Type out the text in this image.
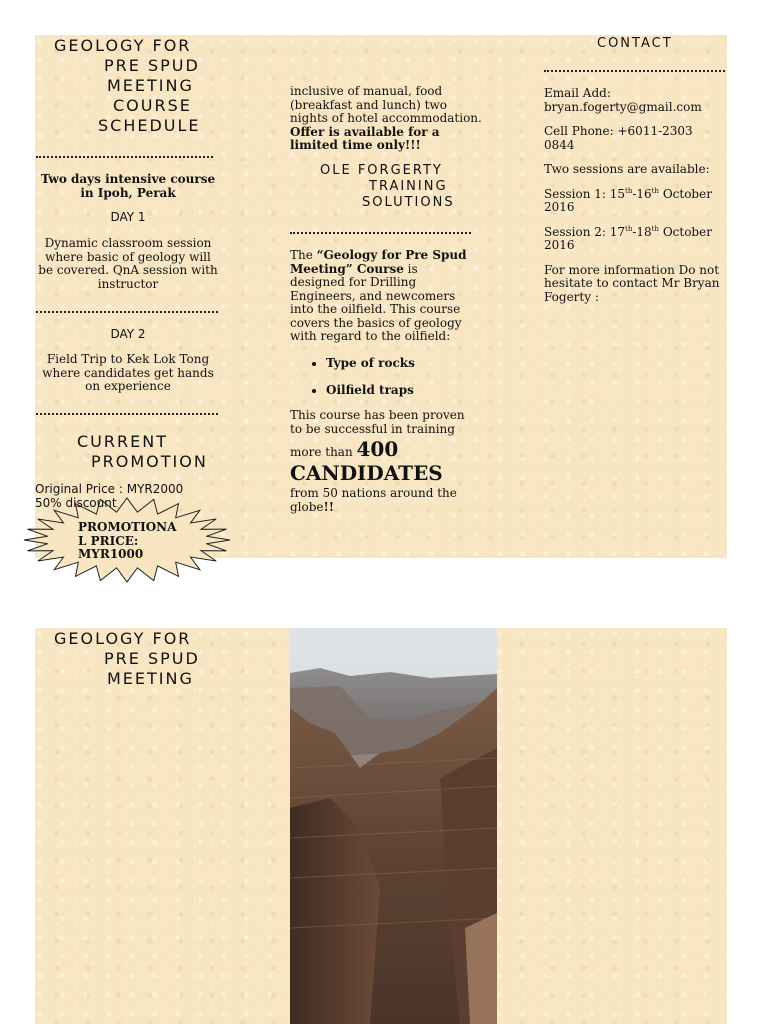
GEOLOGY FOR
PRE SPUD
MEETING
COURSE
SCHEDULE
Two days intensive course in Ipoh, Perak
DAY 1
Dynamic classroom session where basic of geology will be covered. QnA session with instructor
DAY 2
Field Trip to Kek Lok Tong where candidates get hands on experience
CURRENT
PROMOTION
Original Price : MYR2000
50% discount
PROMOTIONA
L PRICE:
MYR1000
inclusive of manual, food
(breakfast and lunch) two
nights of hotel accommodation.
Offer is available for a
limited time only!!!
OLE FORGERTY
TRAINING
SOLUTIONS
The “Geology for Pre Spud Meeting” Course is designed for Drilling Engineers, and newcomers into the oilfield. This course covers the basics of geology with regard to the oilfield:
• Type of rocks
• Oilfield traps
This course has been proven to be successful in training
more than 400
CANDIDATES
from 50 nations around the globe!!
CONTACT
Email Add:
bryan.fogerty@gmail.com
Cell Phone: +6011-2303 0844
Two sessions are available:
Session 1: 15th-16th October 2016
Session 2: 17th-18th October 2016
For more information Do not hesitate to contact Mr Bryan Fogerty :
GEOLOGY FOR
PRE SPUD
MEETING
